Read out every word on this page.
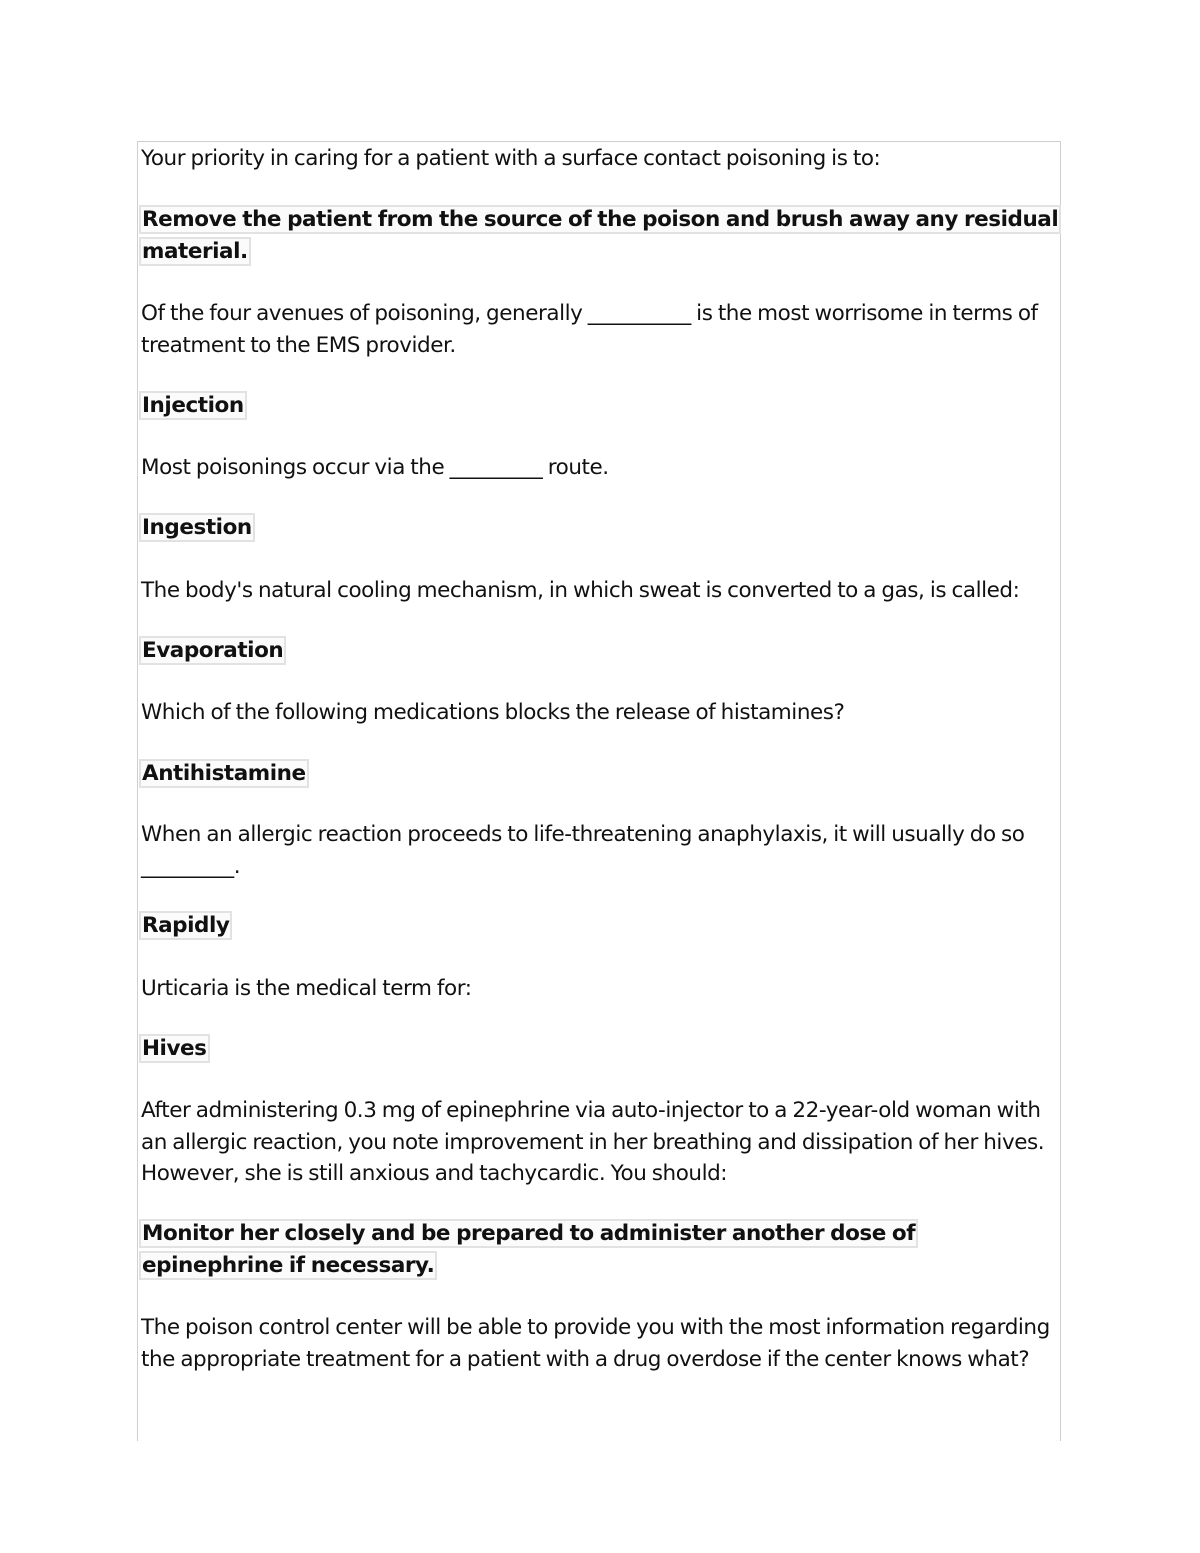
Your priority in caring for a patient with a surface contact poisoning is to:
Remove the patient from the source of the poison and brush away any residual material.
Of the four avenues of poisoning, generally __________ is the most worrisome in terms of treatment to the EMS provider.
Injection
Most poisonings occur via the _________ route.
Ingestion
The body's natural cooling mechanism, in which sweat is converted to a gas, is called:
Evaporation
Which of the following medications blocks the release of histamines?
Antihistamine
When an allergic reaction proceeds to life-threatening anaphylaxis, it will usually do so _________.
Rapidly
Urticaria is the medical term for:
Hives
After administering 0.3 mg of epinephrine via auto-injector to a 22-year-old woman with an allergic reaction, you note improvement in her breathing and dissipation of her hives. However, she is still anxious and tachycardic. You should:
Monitor her closely and be prepared to administer another dose of epinephrine if necessary.
The poison control center will be able to provide you with the most information regarding the appropriate treatment for a patient with a drug overdose if the center knows what?
